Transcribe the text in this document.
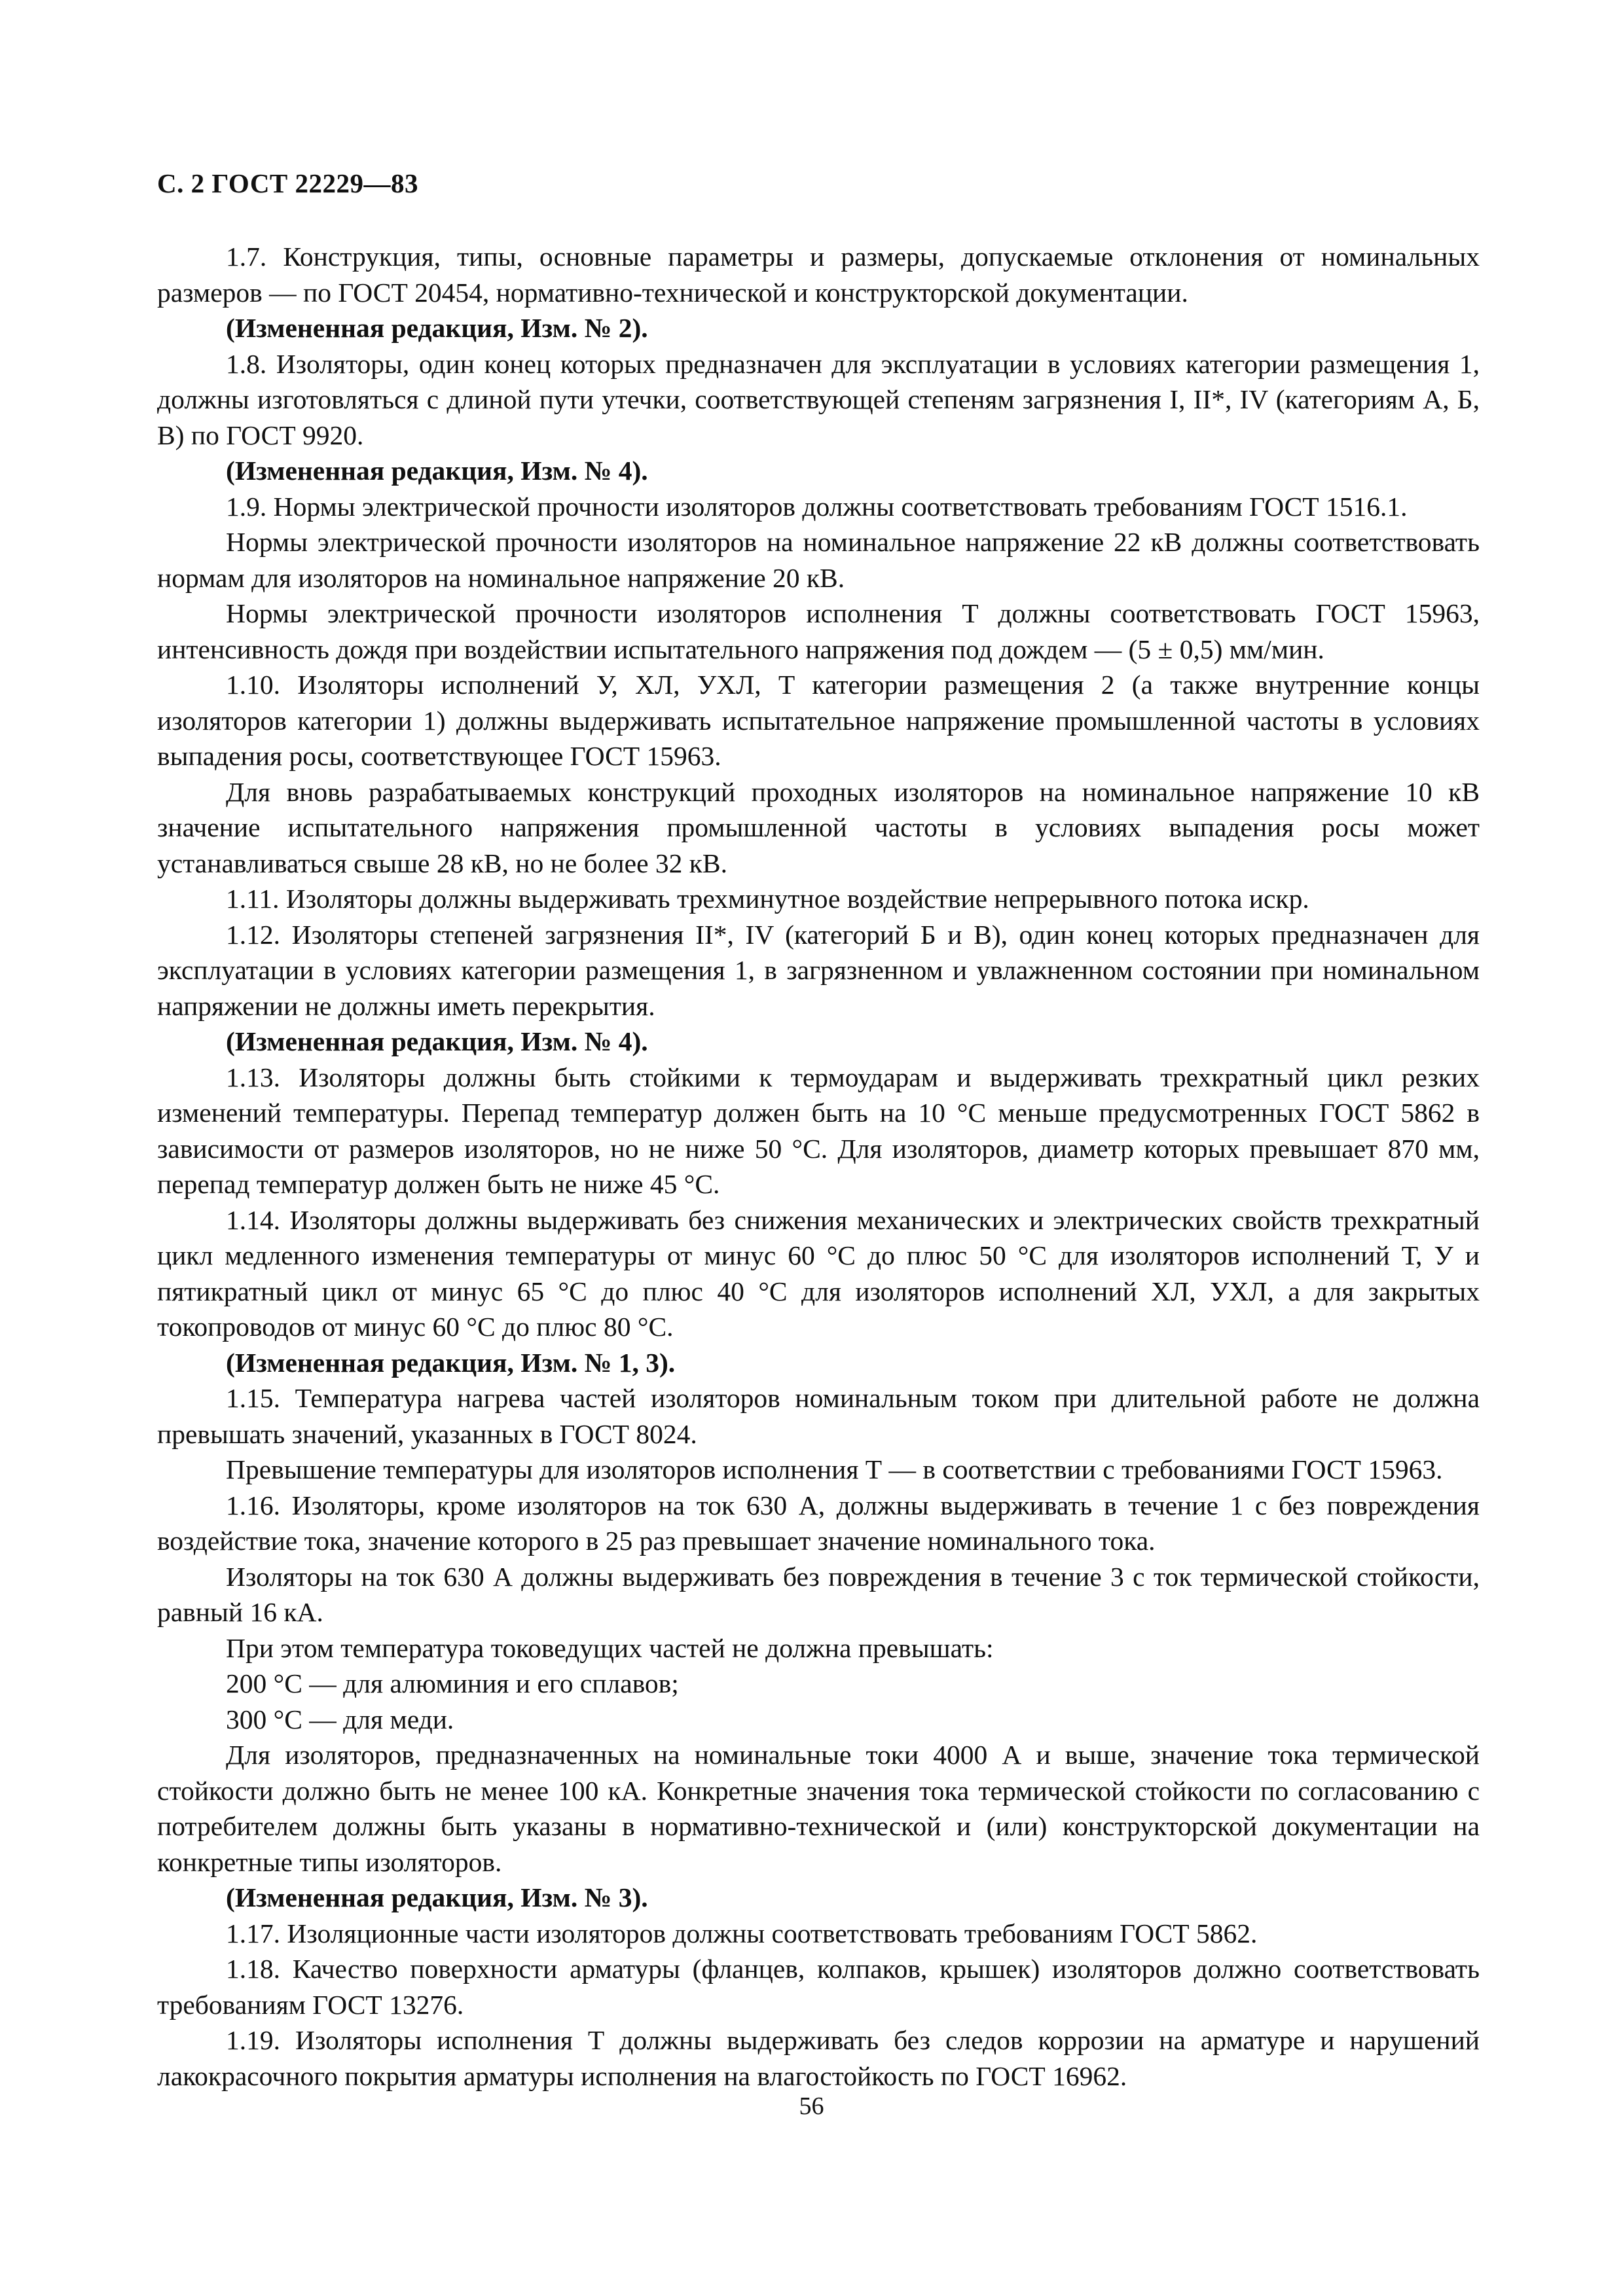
С. 2 ГОСТ 22229—83

1.7. Конструкция, типы, основные параметры и размеры, допускаемые отклонения от номинальных размеров — по ГОСТ 20454, нормативно-технической и конструкторской документации.

(Измененная редакция, Изм. № 2).

1.8. Изоляторы, один конец которых предназначен для эксплуатации в условиях категории размещения 1, должны изготовляться с длиной пути утечки, соответствующей степеням загрязнения I, II*, IV (категориям А, Б, В) по ГОСТ 9920.

(Измененная редакция, Изм. № 4).

1.9. Нормы электрической прочности изоляторов должны соответствовать требованиям ГОСТ 1516.1.

Нормы электрической прочности изоляторов на номинальное напряжение 22 кВ должны соответствовать нормам для изоляторов на номинальное напряжение 20 кВ.

Нормы электрической прочности изоляторов исполнения Т должны соответствовать ГОСТ 15963, интенсивность дождя при воздействии испытательного напряжения под дождем — (5 ± 0,5) мм/мин.

1.10. Изоляторы исполнений У, ХЛ, УХЛ, Т категории размещения 2 (а также внутренние концы изоляторов категории 1) должны выдерживать испытательное напряжение промышленной частоты в условиях выпадения росы, соответствующее ГОСТ 15963.

Для вновь разрабатываемых конструкций проходных изоляторов на номинальное напряжение 10 кВ значение испытательного напряжения промышленной частоты в условиях выпадения росы может устанавливаться свыше 28 кВ, но не более 32 кВ.

1.11. Изоляторы должны выдерживать трехминутное воздействие непрерывного потока искр.

1.12. Изоляторы степеней загрязнения II*, IV (категорий Б и В), один конец которых предназначен для эксплуатации в условиях категории размещения 1, в загрязненном и увлажненном состоянии при номинальном напряжении не должны иметь перекрытия.

(Измененная редакция, Изм. № 4).

1.13. Изоляторы должны быть стойкими к термоударам и выдерживать трехкратный цикл резких изменений температуры. Перепад температур должен быть на 10 °С меньше предусмотренных ГОСТ 5862 в зависимости от размеров изоляторов, но не ниже 50 °С. Для изоляторов, диаметр которых превышает 870 мм, перепад температур должен быть не ниже 45 °С.

1.14. Изоляторы должны выдерживать без снижения механических и электрических свойств трехкратный цикл медленного изменения температуры от минус 60 °С до плюс 50 °С для изоляторов исполнений Т, У и пятикратный цикл от минус 65 °С до плюс 40 °С для изоляторов исполнений ХЛ, УХЛ, а для закрытых токопроводов от минус 60 °С до плюс 80 °С.

(Измененная редакция, Изм. № 1, 3).

1.15. Температура нагрева частей изоляторов номинальным током при длительной работе не должна превышать значений, указанных в ГОСТ 8024.

Превышение температуры для изоляторов исполнения Т — в соответствии с требованиями ГОСТ 15963.

1.16. Изоляторы, кроме изоляторов на ток 630 А, должны выдерживать в течение 1 с без повреждения воздействие тока, значение которого в 25 раз превышает значение номинального тока.

Изоляторы на ток 630 А должны выдерживать без повреждения в течение 3 с ток термической стойкости, равный 16 кА.

При этом температура токоведущих частей не должна превышать:

200 °С — для алюминия и его сплавов;

300 °С — для меди.

Для изоляторов, предназначенных на номинальные токи 4000 А и выше, значение тока термической стойкости должно быть не менее 100 кА. Конкретные значения тока термической стойкости по согласованию с потребителем должны быть указаны в нормативно-технической и (или) конструкторской документации на конкретные типы изоляторов.

(Измененная редакция, Изм. № 3).

1.17. Изоляционные части изоляторов должны соответствовать требованиям ГОСТ 5862.

1.18. Качество поверхности арматуры (фланцев, колпаков, крышек) изоляторов должно соответствовать требованиям ГОСТ 13276.

1.19. Изоляторы исполнения Т должны выдерживать без следов коррозии на арматуре и нарушений лакокрасочного покрытия арматуры исполнения на влагостойкость по ГОСТ 16962.

56
